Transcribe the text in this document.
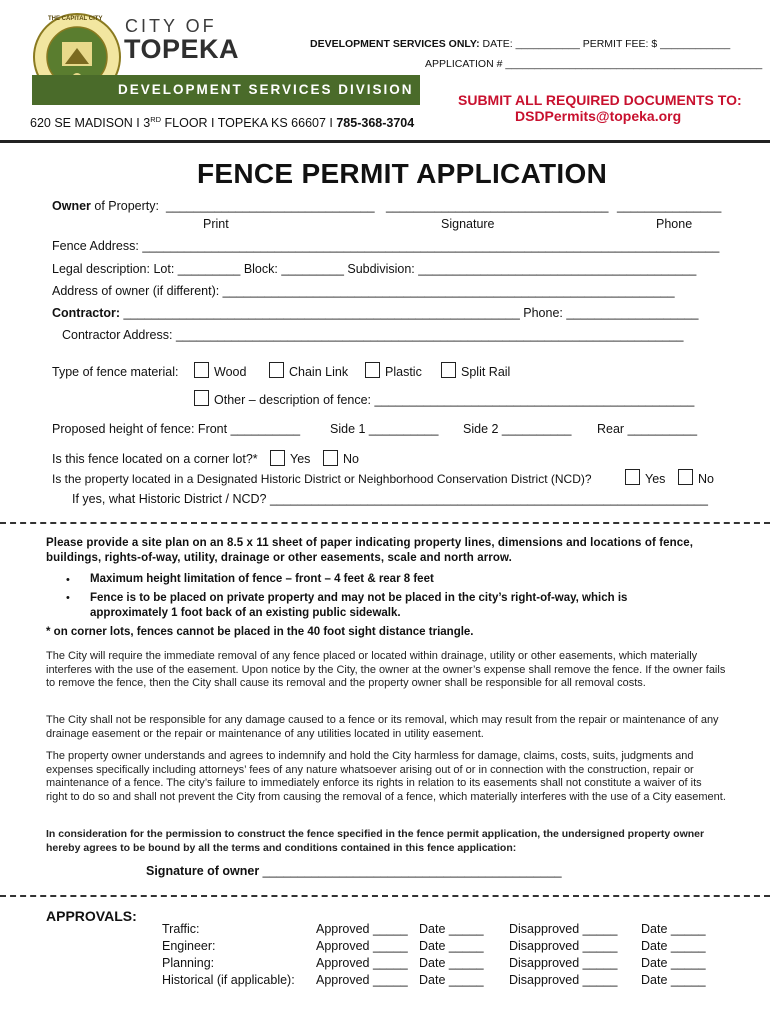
THE CAPITAL CITY CITY OF
TOPEKA
DEVELOPMENT SERVICES DIVISION
620 SE MADISON I 3RD FLOOR I TOPEKA KS 66607 I 785-368-3704
DEVELOPMENT SERVICES ONLY: DATE: ___________ PERMIT FEE: $ ____________
APPLICATION # ____________________________________________
SUBMIT ALL REQUIRED DOCUMENTS TO:
DSDPermits@topeka.org
FENCE PERMIT APPLICATION
Owner of Property: ______________________________ ________________________________ _______________
Print	Signature	Phone
Fence Address: ___________________________________________________________________________________
Legal description: Lot: _________ Block: _________ Subdivision: ________________________________________
Address of owner (if different): _________________________________________________________________
Contractor: _________________________________________________________ Phone: ___________________
Contractor Address: _________________________________________________________________________
Type of fence material:	Wood	Chain Link	Plastic	Split Rail
Other – description of fence: ______________________________________________
Proposed height of fence: Front __________ Side 1 __________ Side 2 __________ Rear __________
Is this fence located on a corner lot?*	Yes	No
Is the property located in a Designated Historic District or Neighborhood Conservation District (NCD)?	Yes	No
If yes, what Historic District / NCD? _______________________________________________________________
Please provide a site plan on an 8.5 x 11 sheet of paper indicating property lines, dimensions and locations of fence, buildings, rights-of-way, utility, drainage or other easements, scale and north arrow.
•	Maximum height limitation of fence – front – 4 feet & rear 8 feet
•	Fence is to be placed on private property and may not be placed in the city’s right-of-way, which is approximately 1 foot back of an existing public sidewalk.
* on corner lots, fences cannot be placed in the 40 foot sight distance triangle.
The City will require the immediate removal of any fence placed or located within drainage, utility or other easements, which materially interferes with the use of the easement. Upon notice by the City, the owner at the owner’s expense shall remove the fence. If the owner fails to remove the fence, then the City shall cause its removal and the property owner shall be responsible for all removal costs.
The City shall not be responsible for any damage caused to a fence or its removal, which may result from the repair or maintenance of any drainage easement or the repair or maintenance of any utilities located in utility easement.
The property owner understands and agrees to indemnify and hold the City harmless for damage, claims, costs, suits, judgments and expenses specifically including attorneys’ fees of any nature whatsoever arising out of or in connection with the construction, repair or maintenance of a fence. The city’s failure to immediately enforce its rights in relation to its easements shall not constitute a waiver of its right to do so and shall not prevent the City from causing the removal of a fence, which materially interferes with the use of a City easement.
In consideration for the permission to construct the fence specified in the fence permit application, the undersigned property owner hereby agrees to be bound by all the terms and conditions contained in this fence application:
Signature of owner ___________________________________________
APPROVALS:
Traffic:	Approved _____ Date _____ Disapproved _____ Date _____
Engineer:	Approved _____ Date _____ Disapproved _____ Date _____
Planning:	Approved _____ Date _____ Disapproved _____ Date _____
Historical (if applicable): Approved _____ Date _____ Disapproved _____ Date _____
